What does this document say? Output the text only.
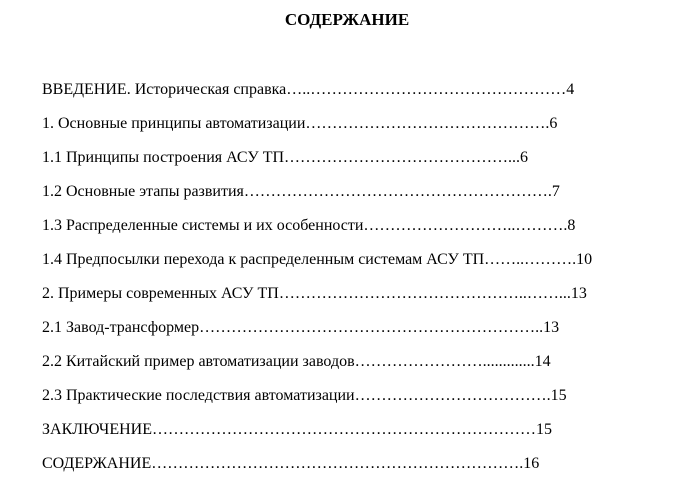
СОДЕРЖАНИЕ
ВВЕДЕНИЕ. Историческая справка…..…………………………………………4
1. Основные принципы автоматизации……………………………………….6
1.1 Принципы построения АСУ ТП……………………………………...6
1.2 Основные этапы развития………………………………………………….7
1.3 Распределенные системы и их особенности………………………..……….8
1.4 Предпосылки перехода к распределенным системам АСУ ТП……..……….10
2. Примеры современных АСУ ТП………………………………………..……...13
2.1 Завод-трансформер………………………………………………………..13
2.2 Китайский пример автоматизации заводов…………………….............14
2.3 Практические последствия автоматизации……………………………….15
ЗАКЛЮЧЕНИЕ………………………………………………………………15
СОДЕРЖАНИЕ…………………………………………………………….16
